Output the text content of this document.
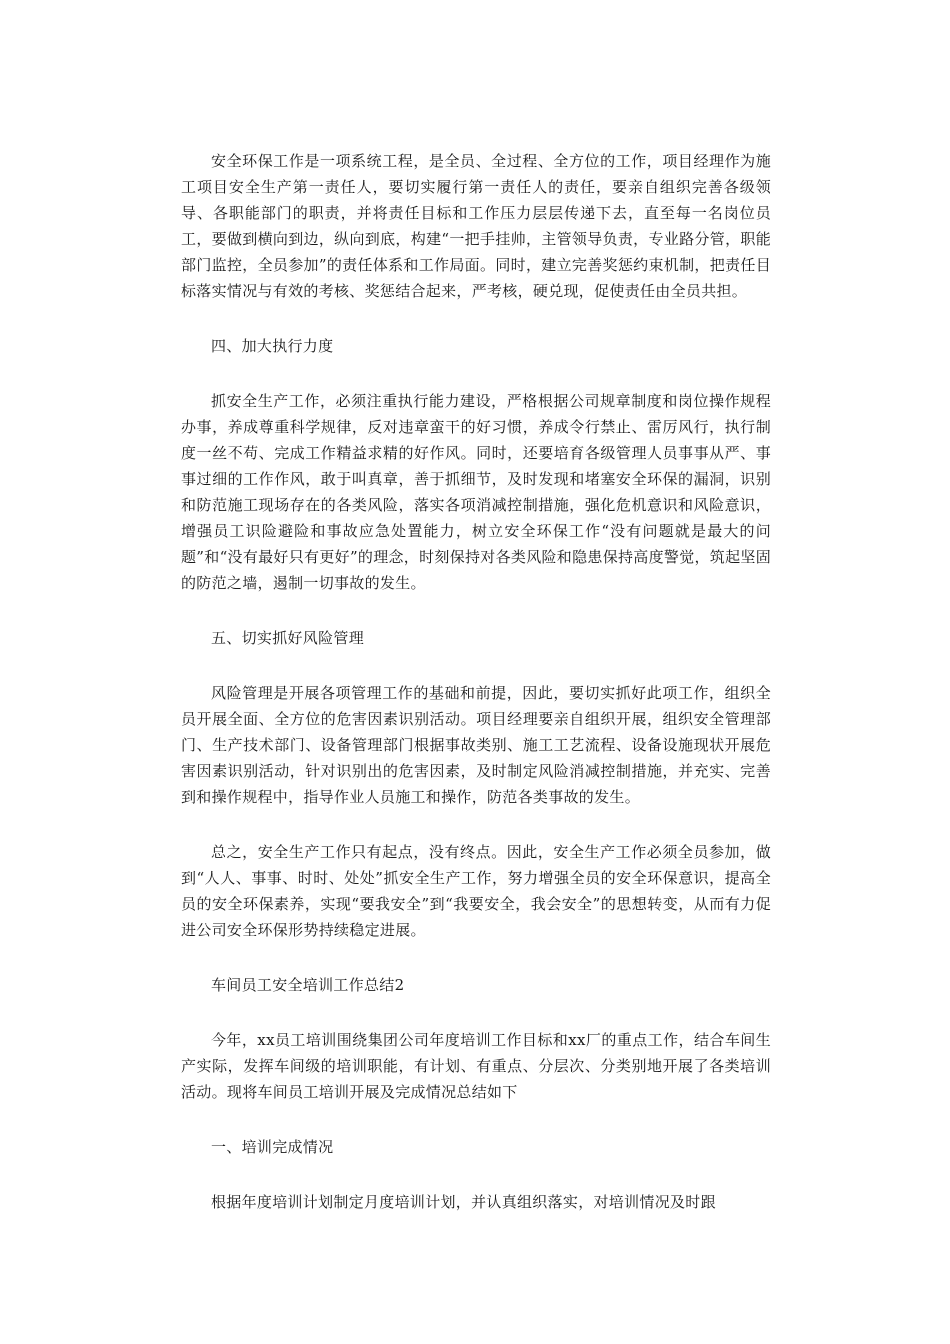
安全环保工作是一项系统工程，是全员、全过程、全方位的工作，项目经理作为施工项目安全生产第一责任人，要切实履行第一责任人的责任，要亲自组织完善各级领导、各职能部门的职责，并将责任目标和工作压力层层传递下去，直至每一名岗位员工，要做到横向到边，纵向到底，构建“一把手挂帅，主管领导负责，专业路分管，职能部门监控，全员参加”的责任体系和工作局面。同时，建立完善奖惩约束机制，把责任目标落实情况与有效的考核、奖惩结合起来，严考核，硬兑现，促使责任由全员共担。

四、加大执行力度

抓安全生产工作，必须注重执行能力建设，严格根据公司规章制度和岗位操作规程办事，养成尊重科学规律，反对违章蛮干的好习惯，养成令行禁止、雷厉风行，执行制度一丝不苟、完成工作精益求精的好作风。同时，还要培育各级管理人员事事从严、事事过细的工作作风，敢于叫真章，善于抓细节，及时发现和堵塞安全环保的漏洞，识别和防范施工现场存在的各类风险，落实各项消减控制措施，强化危机意识和风险意识，增强员工识险避险和事故应急处置能力，树立安全环保工作“没有问题就是最大的问题”和“没有最好只有更好”的理念，时刻保持对各类风险和隐患保持高度警觉，筑起坚固的防范之墙，遏制一切事故的发生。

五、切实抓好风险管理

风险管理是开展各项管理工作的基础和前提，因此，要切实抓好此项工作，组织全员开展全面、全方位的危害因素识别活动。项目经理要亲自组织开展，组织安全管理部门、生产技术部门、设备管理部门根据事故类别、施工工艺流程、设备设施现状开展危害因素识别活动，针对识别出的危害因素，及时制定风险消减控制措施，并充实、完善到和操作规程中，指导作业人员施工和操作，防范各类事故的发生。

总之，安全生产工作只有起点，没有终点。因此，安全生产工作必须全员参加，做到“人人、事事、时时、处处”抓安全生产工作，努力增强全员的安全环保意识，提高全员的安全环保素养，实现“要我安全”到“我要安全，我会安全”的思想转变，从而有力促进公司安全环保形势持续稳定进展。

车间员工安全培训工作总结2

今年，xx员工培训围绕集团公司年度培训工作目标和xx厂的重点工作，结合车间生产实际，发挥车间级的培训职能，有计划、有重点、分层次、分类别地开展了各类培训活动。现将车间员工培训开展及完成情况总结如下

一、培训完成情况

根据年度培训计划制定月度培训计划，并认真组织落实，对培训情况及时跟
